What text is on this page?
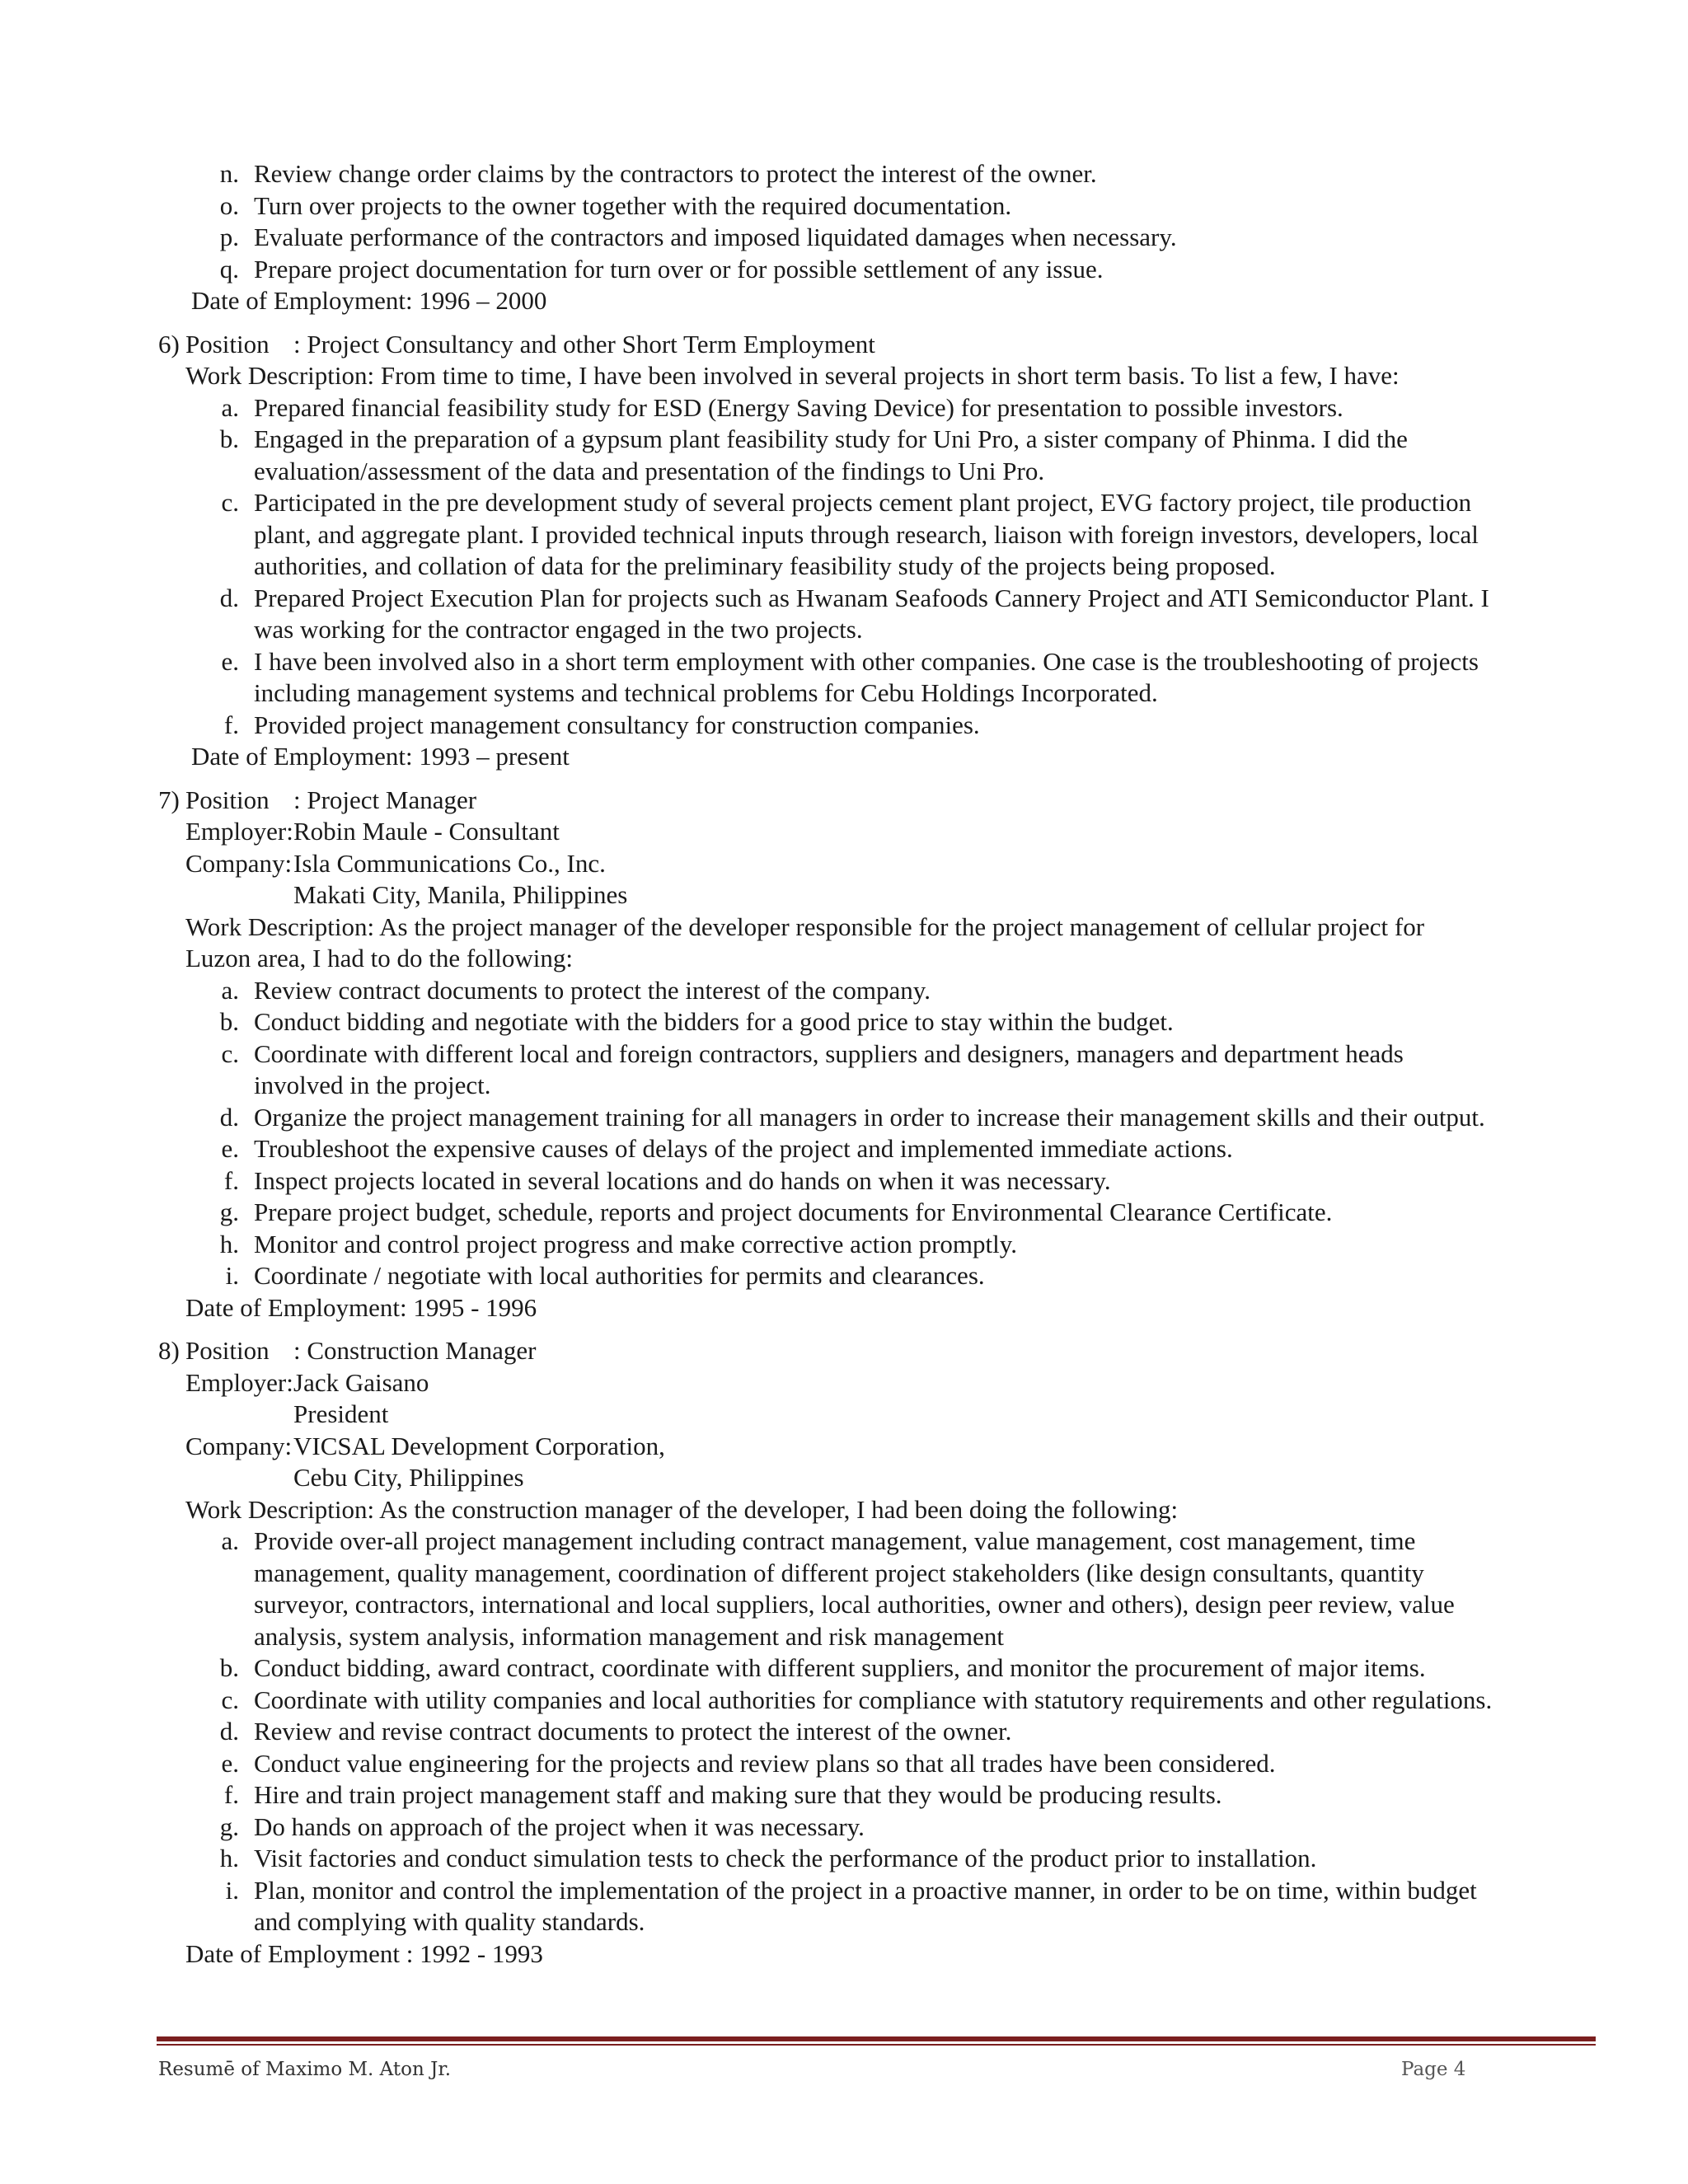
n. Review change order claims by the contractors to protect the interest of the owner.
o. Turn over projects to the owner together with the required documentation.
p. Evaluate performance of the contractors and imposed liquidated damages when necessary.
q. Prepare project documentation for turn over or for possible settlement of any issue.
Date of Employment: 1996 – 2000
6) Position : Project Consultancy and other Short Term Employment
Work Description: From time to time, I have been involved in several projects in short term basis. To list a few, I have:
a. Prepared financial feasibility study for ESD (Energy Saving Device) for presentation to possible investors.
b. Engaged in the preparation of a gypsum plant feasibility study for Uni Pro, a sister company of Phinma. I did the
evaluation/assessment of the data and presentation of the findings to Uni Pro.
c. Participated in the pre development study of several projects cement plant project, EVG factory project, tile production
plant, and aggregate plant. I provided technical inputs through research, liaison with foreign investors, developers, local
authorities, and collation of data for the preliminary feasibility study of the projects being proposed.
d. Prepared Project Execution Plan for projects such as Hwanam Seafoods Cannery Project and ATI Semiconductor Plant. I
was working for the contractor engaged in the two projects.
e. I have been involved also in a short term employment with other companies. One case is the troubleshooting of projects
including management systems and technical problems for Cebu Holdings Incorporated.
f. Provided project management consultancy for construction companies.
Date of Employment: 1993 – present
7) Position : Project Manager
Employer: Robin Maule - Consultant
Company: Isla Communications Co., Inc.
Makati City, Manila, Philippines
Work Description: As the project manager of the developer responsible for the project management of cellular project for
Luzon area, I had to do the following:
a. Review contract documents to protect the interest of the company.
b. Conduct bidding and negotiate with the bidders for a good price to stay within the budget.
c. Coordinate with different local and foreign contractors, suppliers and designers, managers and department heads
involved in the project.
d. Organize the project management training for all managers in order to increase their management skills and their output.
e. Troubleshoot the expensive causes of delays of the project and implemented immediate actions.
f. Inspect projects located in several locations and do hands on when it was necessary.
g. Prepare project budget, schedule, reports and project documents for Environmental Clearance Certificate.
h. Monitor and control project progress and make corrective action promptly.
i. Coordinate / negotiate with local authorities for permits and clearances.
Date of Employment: 1995 - 1996
8) Position : Construction Manager
Employer: Jack Gaisano
President
Company: VICSAL Development Corporation,
Cebu City, Philippines
Work Description: As the construction manager of the developer, I had been doing the following:
a. Provide over-all project management including contract management, value management, cost management, time
management, quality management, coordination of different project stakeholders (like design consultants, quantity
surveyor, contractors, international and local suppliers, local authorities, owner and others), design peer review, value
analysis, system analysis, information management and risk management
b. Conduct bidding, award contract, coordinate with different suppliers, and monitor the procurement of major items.
c. Coordinate with utility companies and local authorities for compliance with statutory requirements and other regulations.
d. Review and revise contract documents to protect the interest of the owner.
e. Conduct value engineering for the projects and review plans so that all trades have been considered.
f. Hire and train project management staff and making sure that they would be producing results.
g. Do hands on approach of the project when it was necessary.
h. Visit factories and conduct simulation tests to check the performance of the product prior to installation.
i. Plan, monitor and control the implementation of the project in a proactive manner, in order to be on time, within budget
and complying with quality standards.
Date of Employment : 1992 - 1993
Resumē of Maximo M. Aton Jr.	Page 4
